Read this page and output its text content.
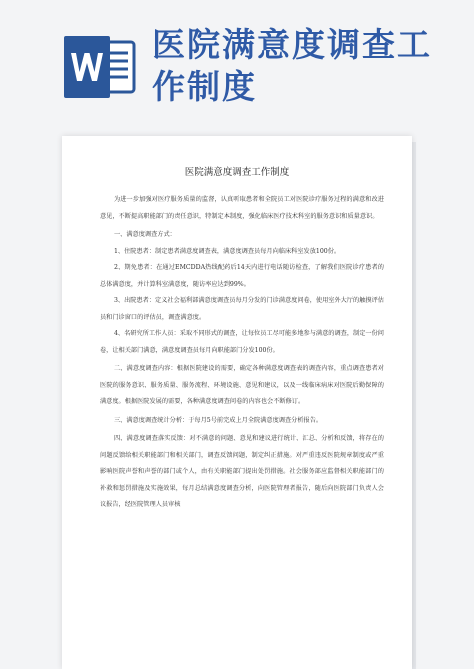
医院满意度调查工作制度
医院满意度调查工作制度
为进一步加强对医疗服务质量的监督，认真听取患者和全院员工对医院诊疗服务过程的满意和改进意见，不断提高职能部门的责任意识，特制定本制度，强化临床医疗技术科室的服务意识和质量意识。
一、满意度调查方式：
1、住院患者：制定患者满意度调查表，满意度调查员每月向临床科室发放100份。
2、期免患者：在通过EMCDDA热线配药后14天内进行电话随访检查，了解我们医院诊疗患者的总体满意度，并计算科室满意度，随访率应达到99%。
3、出院患者：定义社会福利部满意度调查员每月分发的门诊满意度问卷，使用室外大厅的触摸评估员和门诊窗口的评估员，调查满意度。
4、名研究所工作人员：采取不同形式的调查，让每位员工尽可能多地参与满意的调查，制定一份问卷，让相关部门满意，满意度调查员每月向职能部门分发100份。
二、满意度调查内容：根据医院建设的需要，确定各种满意度调查表的调查内容，重点调查患者对医院的服务意识、服务质量、服务流程、环境设施、意见和建议，以及一线临床病床对医院后勤保障的满意度。根据医院发展的需要，各种满意度调查问卷的内容也会不断修订。
三、满意度调查统计分析：于每月5号前完成上月全院满意度调查分析报告。
四、满意度调查落实反馈：对不满意的问题、意见和建议进行统计、汇总、分析和反馈，将存在的问题反馈给相关职能部门和相关部门，调查反馈问题，制定纠正措施。对严重违反医院规章制度或严重影响医院声誉和声誉的部门或个人，由有关职能部门提出处罚措施。社会服务部应监督相关职能部门的补救和惩罚措施及实施效果，每月总结满意度调查分析，向医院管理者报告，随后向医院部门负责人会议报告，经医院管理人员审核
